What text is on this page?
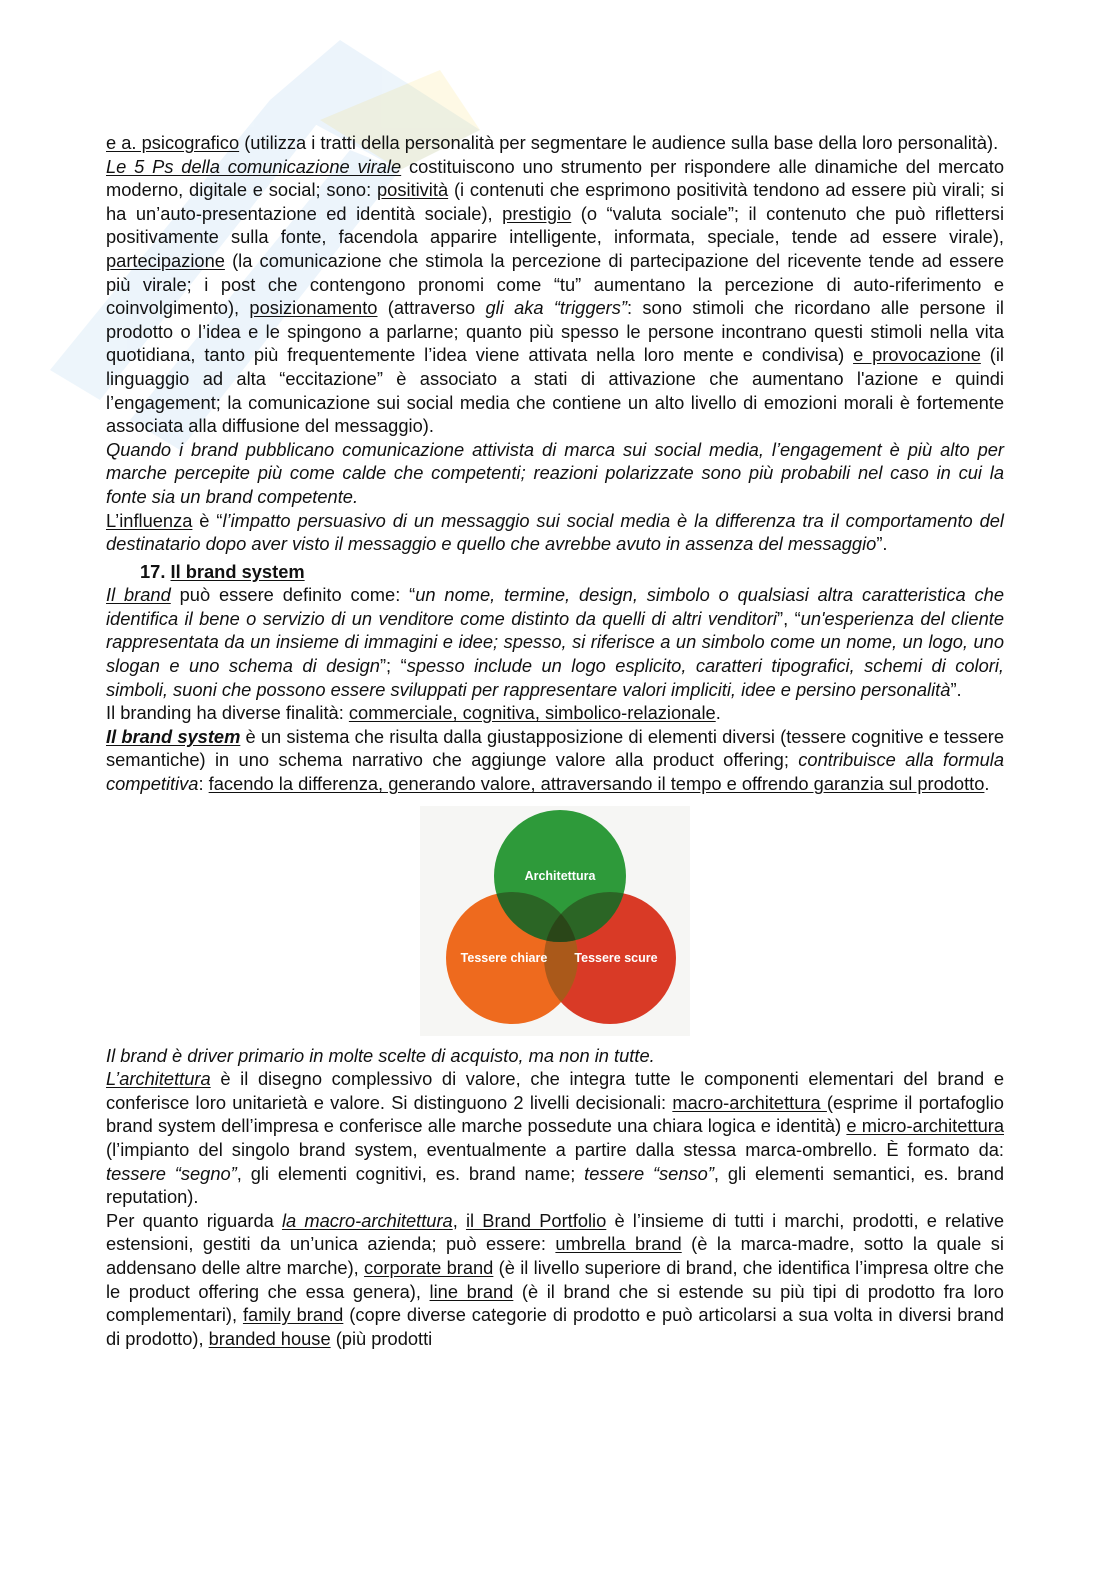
e a. psicografico (utilizza i tratti della personalità per segmentare le audience sulla base della loro personalità).

Le 5 Ps della comunicazione virale costituiscono uno strumento per rispondere alle dinamiche del mercato moderno, digitale e social; sono: positività (i contenuti che esprimono positività tendono ad essere più virali; si ha un’auto-presentazione ed identità sociale), prestigio (o “valuta sociale”; il contenuto che può riflettersi positivamente sulla fonte, facendola apparire intelligente, informata, speciale, tende ad essere virale), partecipazione (la comunicazione che stimola la percezione di partecipazione del ricevente tende ad essere più virale; i post che contengono pronomi come “tu” aumentano la percezione di auto-riferimento e coinvolgimento), posizionamento (attraverso gli aka “triggers”: sono stimoli che ricordano alle persone il prodotto o l’idea e le spingono a parlarne; quanto più spesso le persone incontrano questi stimoli nella vita quotidiana, tanto più frequentemente l’idea viene attivata nella loro mente e condivisa) e provocazione (il linguaggio ad alta “eccitazione” è associato a stati di attivazione che aumentano l'azione e quindi l’engagement; la comunicazione sui social media che contiene un alto livello di emozioni morali è fortemente associata alla diffusione del messaggio).

Quando i brand pubblicano comunicazione attivista di marca sui social media, l’engagement è più alto per marche percepite più come calde che competenti; reazioni polarizzate sono più probabili nel caso in cui la fonte sia un brand competente.

L’influenza è “l’impatto persuasivo di un messaggio sui social media è la differenza tra il comportamento del destinatario dopo aver visto il messaggio e quello che avrebbe avuto in assenza del messaggio”.

17. Il brand system

Il brand può essere definito come: “un nome, termine, design, simbolo o qualsiasi altra caratteristica che identifica il bene o servizio di un venditore come distinto da quelli di altri venditori”, “un'esperienza del cliente rappresentata da un insieme di immagini e idee; spesso, si riferisce a un simbolo come un nome, un logo, uno slogan e uno schema di design”; “spesso include un logo esplicito, caratteri tipografici, schemi di colori, simboli, suoni che possono essere sviluppati per rappresentare valori impliciti, idee e persino personalità”.

Il branding ha diverse finalità: commerciale, cognitiva, simbolico-relazionale.

Il brand system è un sistema che risulta dalla giustapposizione di elementi diversi (tessere cognitive e tessere semantiche) in uno schema narrativo che aggiunge valore alla product offering; contribuisce alla formula competitiva: facendo la differenza, generando valore, attraversando il tempo e offrendo garanzia sul prodotto.

Architettura
Tessere chiare Tessere scure

Il brand è driver primario in molte scelte di acquisto, ma non in tutte.

L’architettura è il disegno complessivo di valore, che integra tutte le componenti elementari del brand e conferisce loro unitarietà e valore. Si distinguono 2 livelli decisionali: macro-architettura (esprime il portafoglio brand system dell’impresa e conferisce alle marche possedute una chiara logica e identità) e micro-architettura (l’impianto del singolo brand system, eventualmente a partire dalla stessa marca-ombrello. È formato da: tessere “segno”, gli elementi cognitivi, es. brand name; tessere “senso”, gli elementi semantici, es. brand reputation).

Per quanto riguarda la macro-architettura, il Brand Portfolio è l’insieme di tutti i marchi, prodotti, e relative estensioni, gestiti da un’unica azienda; può essere: umbrella brand (è la marca-madre, sotto la quale si addensano delle altre marche), corporate brand (è il livello superiore di brand, che identifica l’impresa oltre che le product offering che essa genera), line brand (è il brand che si estende su più tipi di prodotto fra loro complementari), family brand (copre diverse categorie di prodotto e può articolarsi a sua volta in diversi brand di prodotto), branded house (più prodotti
